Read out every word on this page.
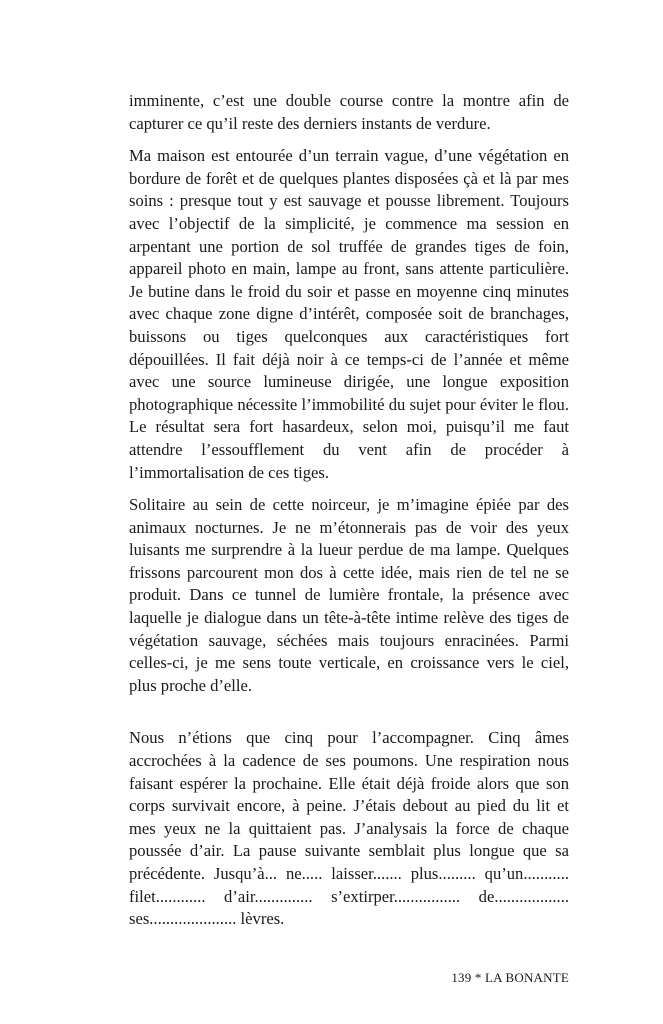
imminente, c’est une double course contre la montre afin de capturer ce qu’il reste des derniers instants de verdure.

Ma maison est entourée d’un terrain vague, d’une végétation en bordure de forêt et de quelques plantes disposées çà et là par mes soins : presque tout y est sauvage et pousse librement. Toujours avec l’objectif de la simplicité, je commence ma session en arpentant une portion de sol truffée de grandes tiges de foin, appareil photo en main, lampe au front, sans attente particulière. Je butine dans le froid du soir et passe en moyenne cinq minutes avec chaque zone digne d’intérêt, composée soit de branchages, buissons ou tiges quelconques aux caractéristiques fort dépouillées. Il fait déjà noir à ce temps-ci de l’année et même avec une source lumineuse dirigée, une longue exposition photographique nécessite l’immobilité du sujet pour éviter le flou. Le résultat sera fort hasardeux, selon moi, puisqu’il me faut attendre l’essoufflement du vent afin de procéder à l’immortalisation de ces tiges.

Solitaire au sein de cette noirceur, je m’imagine épiée par des animaux nocturnes. Je ne m’étonnerais pas de voir des yeux luisants me surprendre à la lueur perdue de ma lampe. Quelques frissons parcourent mon dos à cette idée, mais rien de tel ne se produit. Dans ce tunnel de lumière frontale, la présence avec laquelle je dialogue dans un tête-à-tête intime relève des tiges de végétation sauvage, séchées mais toujours enracinées. Parmi celles-ci, je me sens toute verticale, en croissance vers le ciel, plus proche d’elle.

Nous n’étions que cinq pour l’accompagner. Cinq âmes accrochées à la cadence de ses poumons. Une respiration nous faisant espérer la prochaine. Elle était déjà froide alors que son corps survivait encore, à peine. J’étais debout au pied du lit et mes yeux ne la quittaient pas. J’analysais la force de chaque poussée d’air. La pause suivante semblait plus longue que sa précédente. Jusqu’à... ne..... laisser....... plus......... qu’un........... filet............ d’air.............. s’extirper................ de.................. ses..................... lèvres.

139 * LA BONANTE
